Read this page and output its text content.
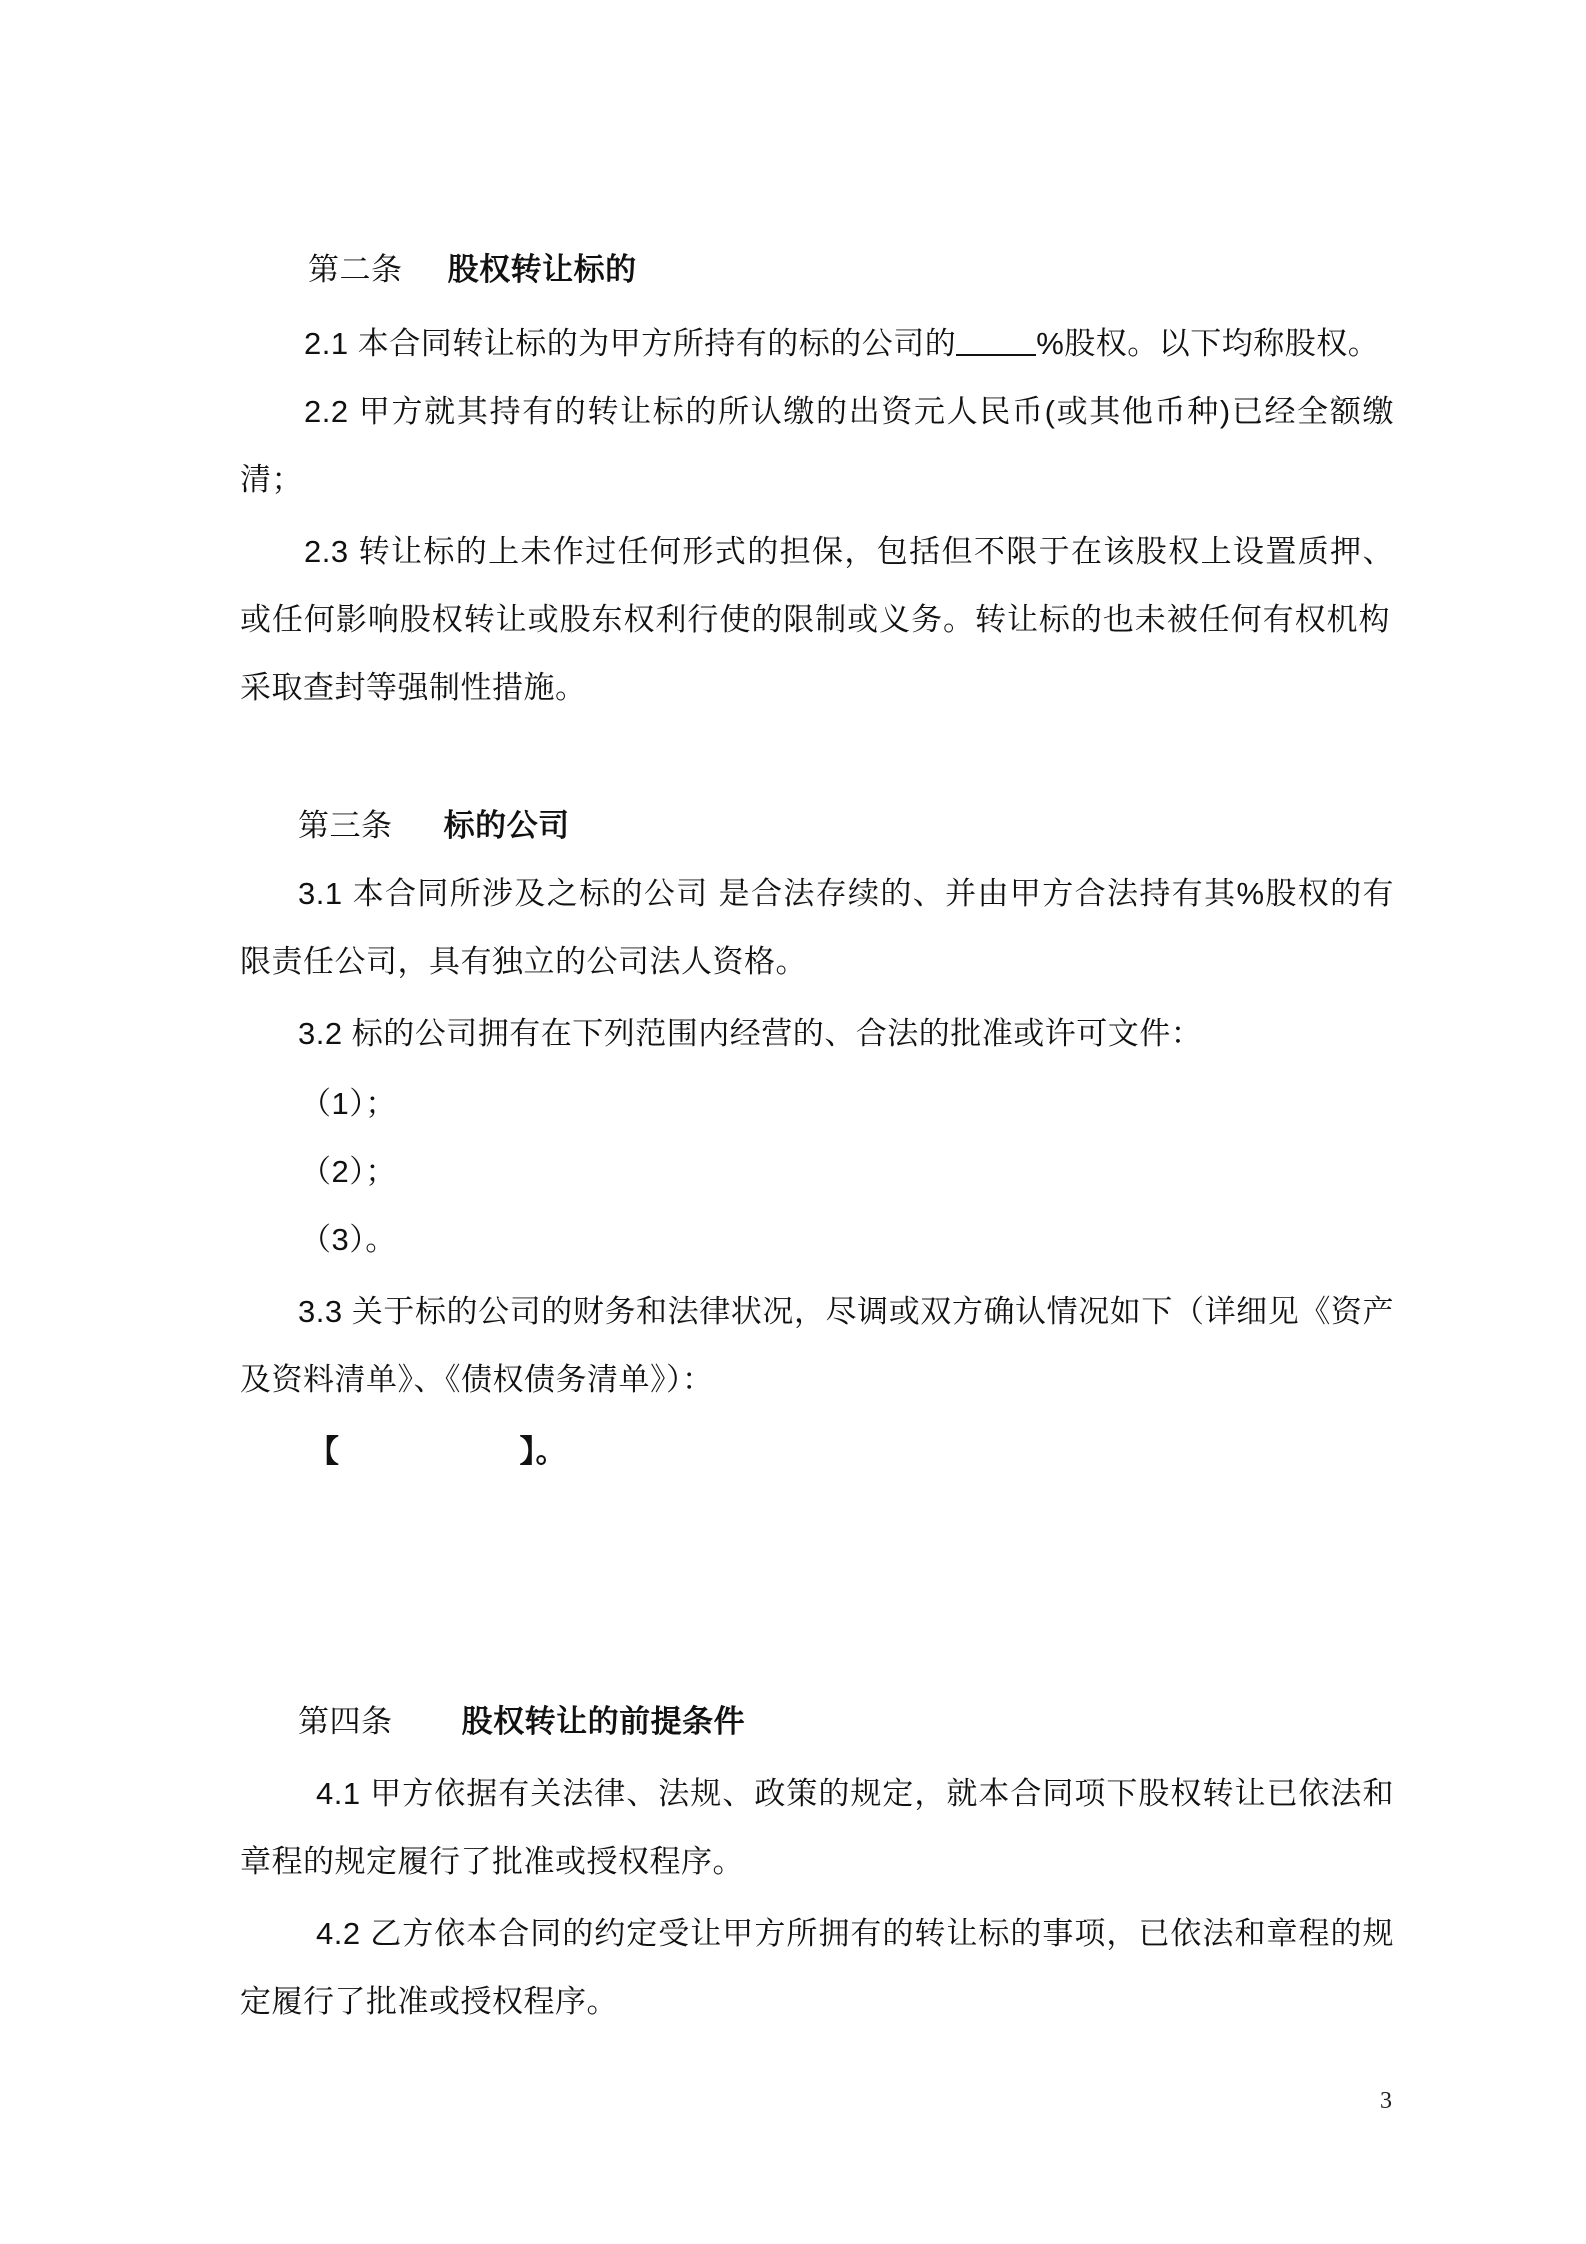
第二条 股权转让标的
2.1 本合同转让标的为甲方所持有的标的公司的	%股权。以下均称股权。
2.2 甲方就其持有的转让标的所认缴的出资元人民币(或其他币种)已经全额缴
清；
2.3 转让标的上未作过任何形式的担保，包括但不限于在该股权上设置质押、
或任何影响股权转让或股东权利行使的限制或义务。转让标的也未被任何有权机构
采取查封等强制性措施。
第三条 标的公司
3.1 本合同所涉及之标的公司 是合法存续的、并由甲方合法持有其%股权的有
限责任公司，具有独立的公司法人资格。
3.2 标的公司拥有在下列范围内经营的、合法的批准或许可文件：
（1）；
（2）；
（3）。
3.3 关于标的公司的财务和法律状况，尽调或双方确认情况如下（详细见《资产
及资料清单》、《债权债务清单》）：
【	】。
第四条 股权转让的前提条件
4.1 甲方依据有关法律、法规、政策的规定，就本合同项下股权转让已依法和
章程的规定履行了批准或授权程序。
4.2 乙方依本合同的约定受让甲方所拥有的转让标的事项，已依法和章程的规
定履行了批准或授权程序。
3
